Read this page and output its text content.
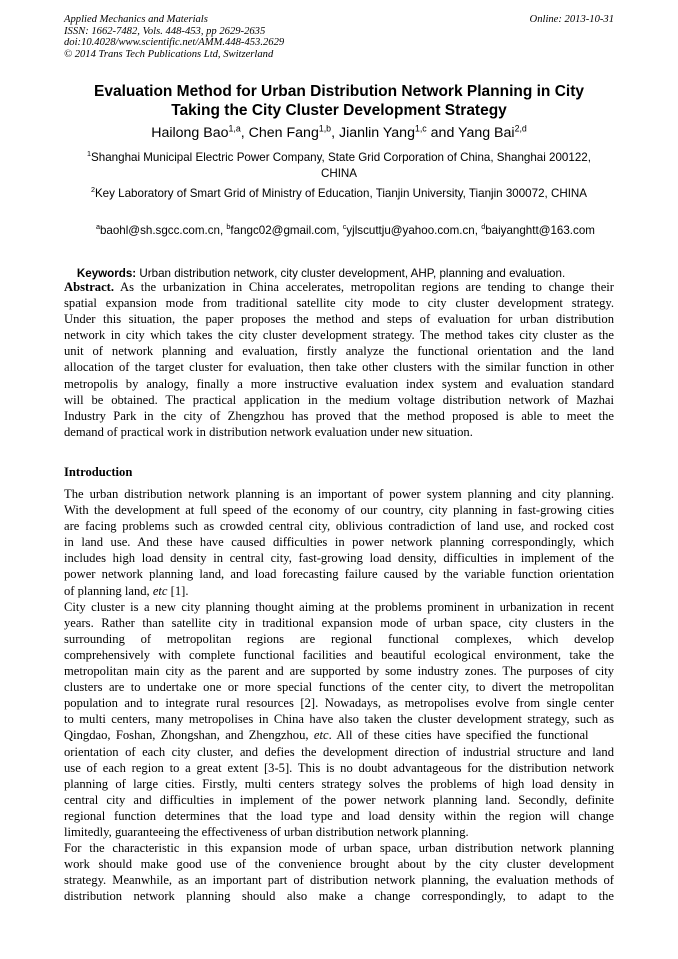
Applied Mechanics and Materials
ISSN: 1662-7482, Vols. 448-453, pp 2629-2635
doi:10.4028/www.scientific.net/AMM.448-453.2629
© 2014 Trans Tech Publications Ltd, Switzerland
Online: 2013-10-31
Evaluation Method for Urban Distribution Network Planning in City
Taking the City Cluster Development Strategy
Hailong Bao$^{1,a}$, Chen Fang$^{1,b}$, Jianlin Yang$^{1,c}$ and Yang Bai$^{2,d}$
$^1$Shanghai Municipal Electric Power Company, State Grid Corporation of China, Shanghai 200122,
CHINA
$^2$Key Laboratory of Smart Grid of Ministry of Education, Tianjin University, Tianjin 300072, CHINA

$^a$baohl@sh.sgcc.com.cn, $^b$fangc02@gmail.com, $^c$yjlscuttju@yahoo.com.cn, $^d$baiyanghtt@163.com

Keywords: Urban distribution network, city cluster development, AHP, planning and evaluation.

Abstract. As the urbanization in China accelerates, metropolitan regions are tending to change their
spatial expansion mode from traditional satellite city mode to city cluster development strategy.
Under this situation, the paper proposes the method and steps of evaluation for urban distribution
network in city which takes the city cluster development strategy. The method takes city cluster as the
unit of network planning and evaluation, firstly analyze the functional orientation and the land
allocation of the target cluster for evaluation, then take other clusters with the similar function in other
metropolis by analogy, finally a more instructive evaluation index system and evaluation standard
will be obtained. The practical application in the medium voltage distribution network of Mazhai
Industry Park in the city of Zhengzhou has proved that the method proposed is able to meet the
demand of practical work in distribution network evaluation under new situation.
Introduction
The urban distribution network planning is an important of power system planning and city planning.
With the development at full speed of the economy of our country, city planning in fast-growing cities
are facing problems such as crowded central city, oblivious contradiction of land use, and rocked cost
in land use. And these have caused difficulties in power network planning correspondingly, which
includes high load density in central city, fast-growing load density, difficulties in implement of the
power network planning land, and load forecasting failure caused by the variable function orientation
of planning land, etc [1].
City cluster is a new city planning thought aiming at the problems prominent in urbanization in recent
years. Rather than satellite city in traditional expansion mode of urban space, city clusters in the
surrounding of metropolitan regions are regional functional complexes, which develop
comprehensively with complete functional facilities and beautiful ecological environment, take the
metropolitan main city as the parent and are supported by some industry zones. The purposes of city
clusters are to undertake one or more special functions of the center city, to divert the metropolitan
population and to integrate rural resources [2]. Nowadays, as metropolises evolve from single center
to multi centers, many metropolises in China have also taken the cluster development strategy, such as
Qingdao, Foshan, Zhongshan, and Zhengzhou, etc. All of these cities have specified the functional
orientation of each city cluster, and defies the development direction of industrial structure and land
use of each region to a great extent [3-5]. This is no doubt advantageous for the distribution network
planning of large cities. Firstly, multi centers strategy solves the problems of high load density in
central city and difficulties in implement of the power network planning land. Secondly, definite
regional function determines that the load type and load density within the region will change
limitedly, guaranteeing the effectiveness of urban distribution network planning.
For the characteristic in this expansion mode of urban space, urban distribution network planning
work should make good use of the convenience brought about by the city cluster development
strategy. Meanwhile, as an important part of distribution network planning, the evaluation methods of
distribution network planning should also make a change correspondingly, to adapt to the
